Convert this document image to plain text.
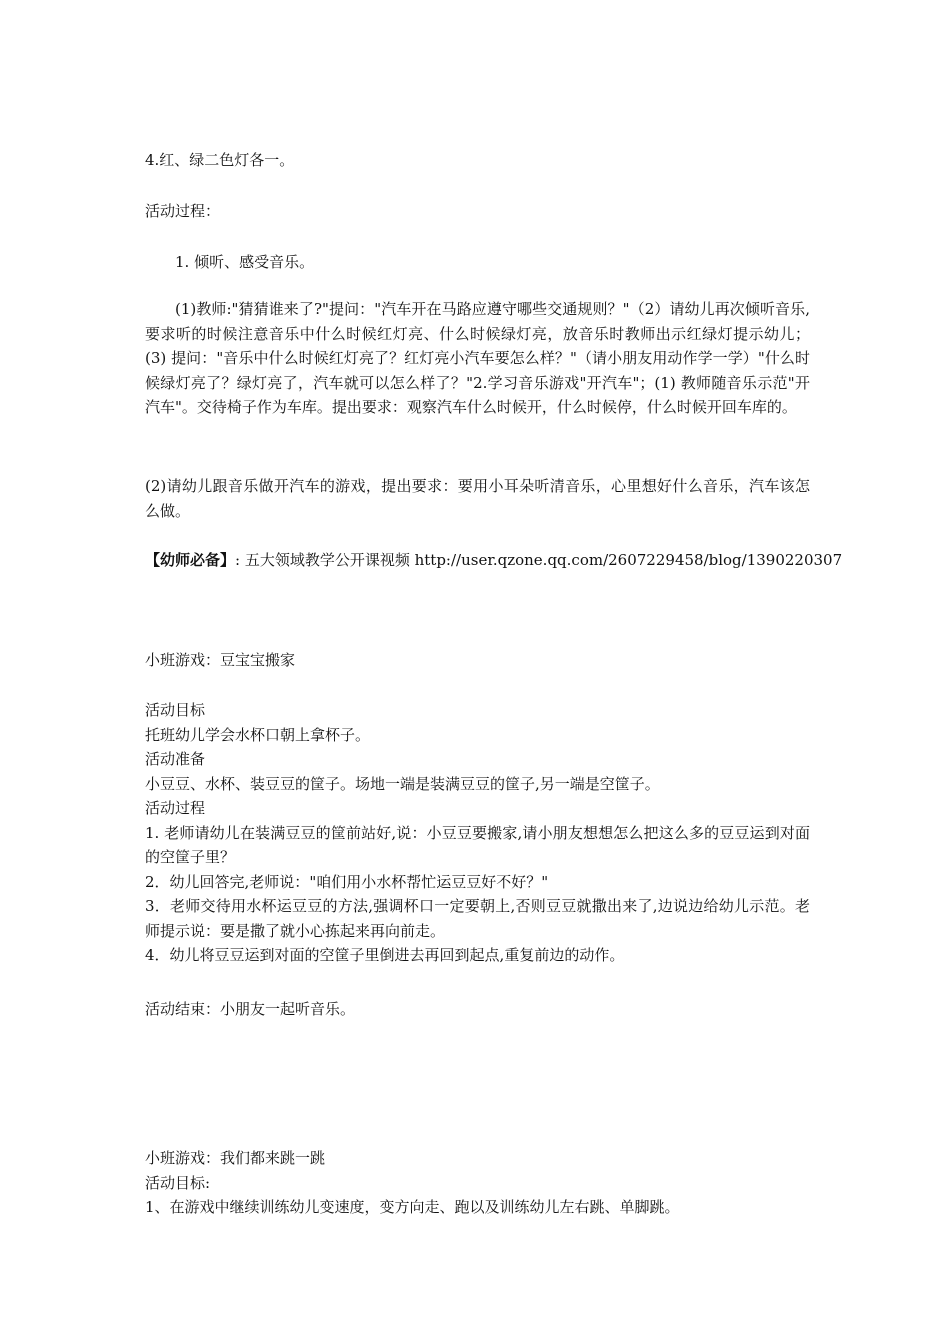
4.红、绿二色灯各一。

活动过程：

1. 倾听、感受音乐。

(1)教师:"猜猜谁来了?"提问："汽车开在马路应遵守哪些交通规则？"（2）请幼儿再次倾听音乐,要求听的时候注意音乐中什么时候红灯亮、什么时候绿灯亮，放音乐时教师出示红绿灯提示幼儿；(3) 提问："音乐中什么时候红灯亮了？红灯亮小汽车要怎么样？"（请小朋友用动作学一学）"什么时候绿灯亮了？绿灯亮了，汽车就可以怎么样了？"2.学习音乐游戏"开汽车"；(1) 教师随音乐示范"开汽车"。交待椅子作为车库。提出要求：观察汽车什么时候开，什么时候停，什么时候开回车库的。

(2)请幼儿跟音乐做开汽车的游戏，提出要求：要用小耳朵听清音乐，心里想好什么音乐，汽车该怎么做。

【幼师必备】: 五大领域教学公开课视频 http://user.qzone.qq.com/2607229458/blog/1390220307

小班游戏：豆宝宝搬家

活动目标
托班幼儿学会水杯口朝上拿杯子。
活动准备
小豆豆、水杯、装豆豆的筐子。场地一端是装满豆豆的筐子,另一端是空筐子。
活动过程
1. 老师请幼儿在装满豆豆的筐前站好,说：小豆豆要搬家,请小朋友想想怎么把这么多的豆豆运到对面的空筐子里？
2．幼儿回答完,老师说："咱们用小水杯帮忙运豆豆好不好？"
3．老师交待用水杯运豆豆的方法,强调杯口一定要朝上,否则豆豆就撒出来了,边说边给幼儿示范。老师提示说：要是撒了就小心拣起来再向前走。
4．幼儿将豆豆运到对面的空筐子里倒进去再回到起点,重复前边的动作。

活动结束：小朋友一起听音乐。

小班游戏：我们都来跳一跳
活动目标:
1、在游戏中继续训练幼儿变速度，变方向走、跑以及训练幼儿左右跳、单脚跳。
